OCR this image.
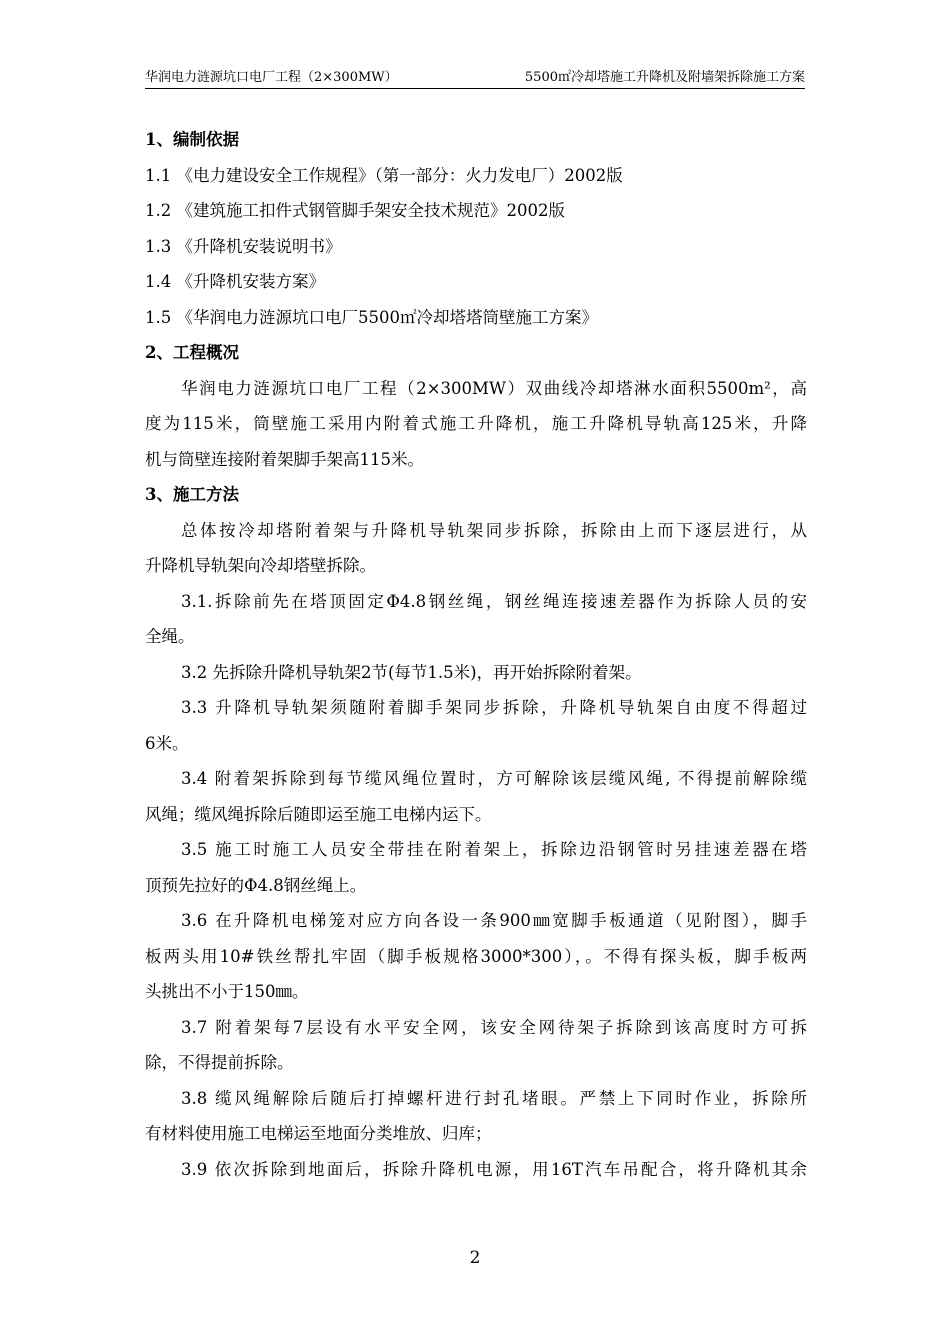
华润电力涟源坑口电厂工程（2×300MW）	5500㎡冷却塔施工升降机及附墙架拆除施工方案
1、编制依据
1.1 《电力建设安全工作规程》（第一部分：火力发电厂）2002版
1.2 《建筑施工扣件式钢管脚手架安全技术规范》2002版
1.3 《升降机安装说明书》
1.4 《升降机安装方案》
1.5 《华润电力涟源坑口电厂5500㎡冷却塔塔筒壁施工方案》
2、工程概况
华润电力涟源坑口电厂工程（2×300MW）双曲线冷却塔淋水面积5500m²，高
度为115米，筒壁施工采用内附着式施工升降机，施工升降机导轨高125米，升降
机与筒壁连接附着架脚手架高115米。
3、施工方法
总体按冷却塔附着架与升降机导轨架同步拆除，拆除由上而下逐层进行，从
升降机导轨架向冷却塔壁拆除。
3.1.拆除前先在塔顶固定Φ4.8钢丝绳，钢丝绳连接速差器作为拆除人员的安
全绳。
3.2 先拆除升降机导轨架2节(每节1.5米)，再开始拆除附着架。
3.3 升降机导轨架须随附着脚手架同步拆除，升降机导轨架自由度不得超过
6米。
3.4 附着架拆除到每节缆风绳位置时，方可解除该层缆风绳, 不得提前解除缆
风绳；缆风绳拆除后随即运至施工电梯内运下。
3.5 施工时施工人员安全带挂在附着架上，拆除边沿钢管时另挂速差器在塔
顶预先拉好的Φ4.8钢丝绳上。
3.6 在升降机电梯笼对应方向各设一条900㎜宽脚手板通道（见附图），脚手
板两头用10#铁丝帮扎牢固（脚手板规格3000*300），。不得有探头板，脚手板两
头挑出不小于150㎜。
3.7 附着架每7层设有水平安全网，该安全网待架子拆除到该高度时方可拆
除，不得提前拆除。
3.8 缆风绳解除后随后打掉螺杆进行封孔堵眼。严禁上下同时作业，拆除所
有材料使用施工电梯运至地面分类堆放、归库；
3.9 依次拆除到地面后，拆除升降机电源，用16T汽车吊配合，将升降机其余
2
